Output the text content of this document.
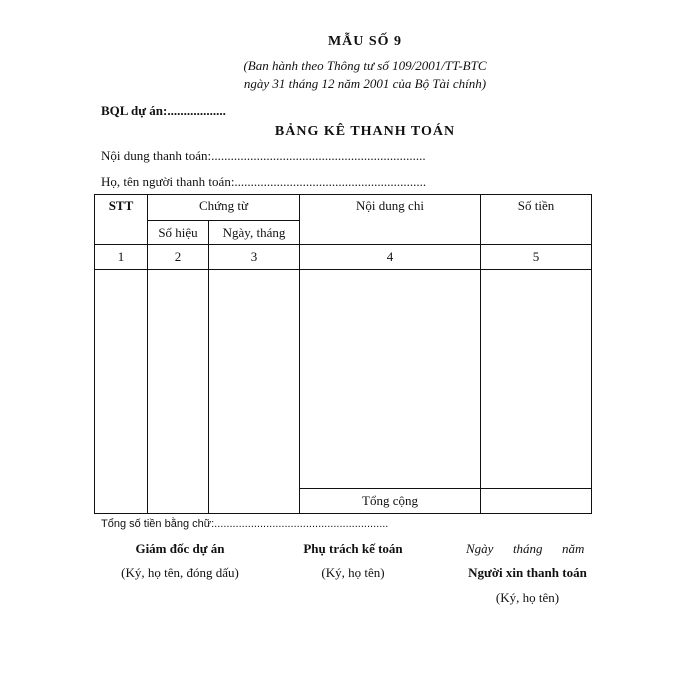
MẪU SỐ 9
(Ban hành theo Thông tư số 109/2001/TT-BTC
ngày 31 tháng 12 năm 2001 của Bộ Tài chính)
BQL dự án:..................
BẢNG KÊ THANH TOÁN
Nội dung thanh toán:..................................................................
Họ, tên người thanh toán:...........................................................
STT	Chứng từ		Nội dung chi	Số tiền

	Số hiệu	Ngày, tháng		
1	2	3	4	5

			Tổng cộng	
Tổng số tiền bằng chữ:.........................................................
Giám đốc dự án
(Ký, họ tên, đóng dấu)
Phụ trách kế toán
(Ký, họ tên)
Ngày      tháng      năm
Người xin thanh toán
(Ký, họ tên)
